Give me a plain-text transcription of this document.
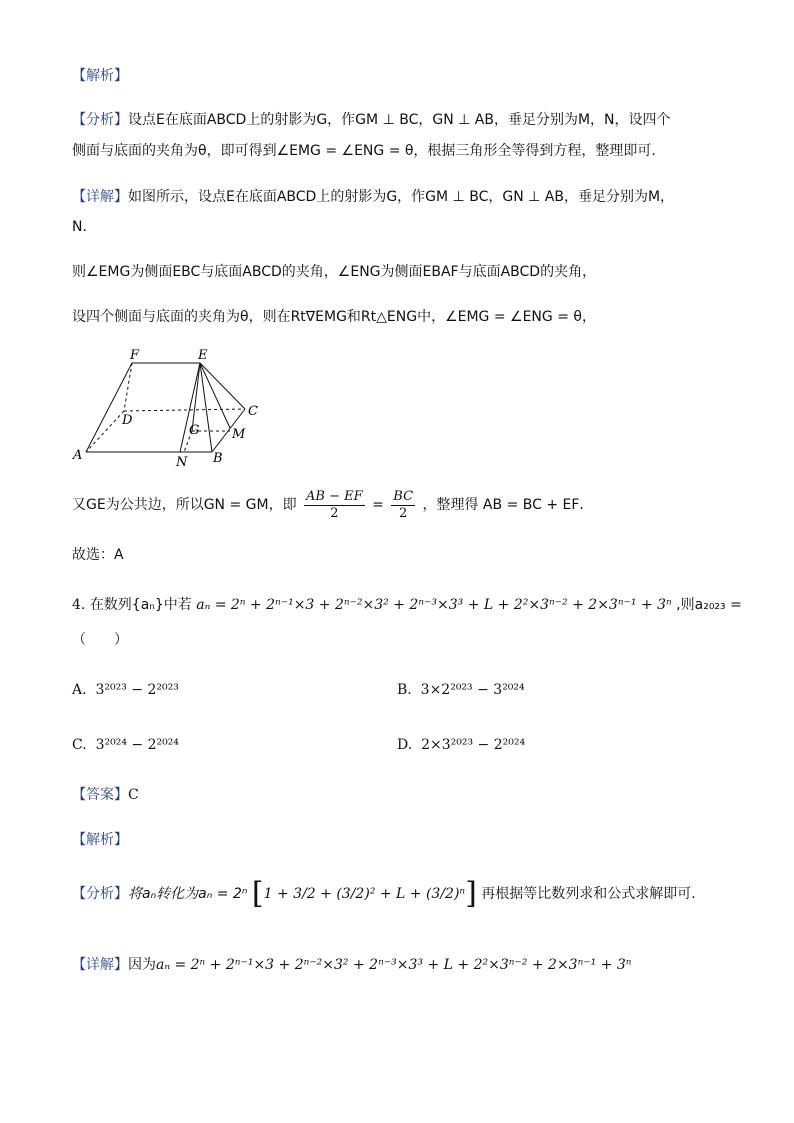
【解析】
【分析】设点E在底面ABCD上的射影为G，作GM ⊥ BC，GN ⊥ AB，垂足分别为M，N，设四个
侧面与底面的夹角为θ，即可得到∠EMG = ∠ENG = θ，根据三角形全等得到方程，整理即可.
【详解】如图所示，设点E在底面ABCD上的射影为G，作GM ⊥ BC，GN ⊥ AB，垂足分别为M，
N．
则∠EMG为侧面EBC与底面ABCD的夹角，∠ENG为侧面EBAF与底面ABCD的夹角，
设四个侧面与底面的夹角为θ，则在Rt∇EMG和Rt△ENG中，∠EMG = ∠ENG = θ，
F	E
D
C
G	M
A	N B
又GE为公共边，所以GN = GM，即 $\frac{AB - EF}{2} = \frac{BC}{2}$ ，整理得 AB = BC + EF．
故选：A
4. 在数列{aₙ}中若 aₙ = 2ⁿ + 2ⁿ⁻¹×3 + 2ⁿ⁻²×3² + 2ⁿ⁻³×3³ + L + 2²×3ⁿ⁻² + 2×3ⁿ⁻¹ + 3ⁿ ,则a₂₀₂₃ =
（　　）
A. 3²⁰²³ − 2²⁰²³	B. 3×2²⁰²³ − 3²⁰²⁴
C. 3²⁰²⁴ − 2²⁰²⁴	D. 2×3²⁰²³ − 2²⁰²⁴
【答案】C
【解析】
【分析】将aₙ转化为aₙ = 2ⁿ [1 + 3/2 + (3/2)² + L + (3/2)ⁿ] 再根据等比数列求和公式求解即可.
【详解】因为aₙ = 2ⁿ + 2ⁿ⁻¹×3 + 2ⁿ⁻²×3² + 2ⁿ⁻³×3³ + L + 2²×3ⁿ⁻² + 2×3ⁿ⁻¹ + 3ⁿ
